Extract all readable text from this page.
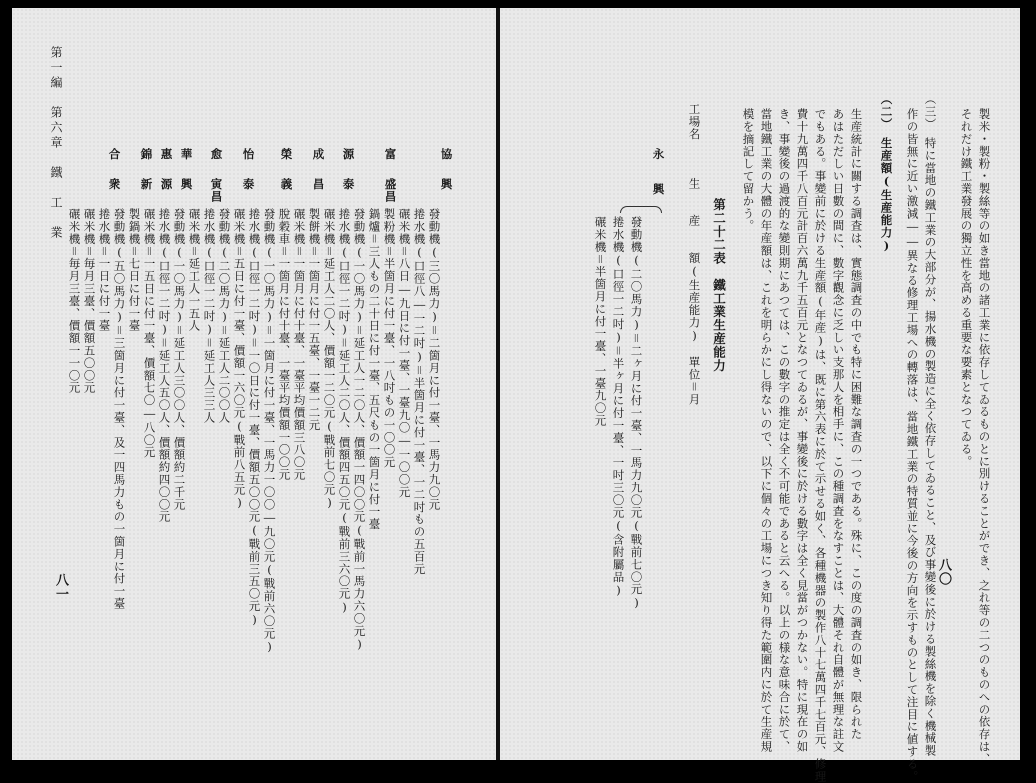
協
興
富
盛昌
源
泰
成
昌
榮
義
怡
泰
愈
寅昌
華
興
惠
源
錦
新
合
衆
發動機(三〇馬力)＝二箇月に付一臺、一馬力九〇元
捲水機(口徑八―一二吋)＝半箇月に付一臺、一二吋もの五百元
碾米機＝八日―九日に付一臺、一臺九〇―一〇〇元
製粉機＝半箇月に付一臺、一八吋もの一〇〇元
鍋爐＝三人もの二十日に付一臺、五尺もの一箇月に付一臺
發動機(一〇馬力)＝延工人一二〇人、價額一四〇〇元(戰前一馬力六〇元)
捲水機(口徑一二吋)＝延工人二〇人、價額四五〇元(戰前三六〇元)
碾米機＝延工人二〇人、價額一二〇元(戰前七〇元)
製餅機＝一箇月に付一五臺、一臺一二元
碾米機＝一箇月に付十臺、一臺平均價額三八〇元
脫穀車＝一箇月に付十臺、一臺平均價額一〇〇元
發動機(一〇馬力)＝一箇月に付一臺、一馬力一〇〇―九〇元(戰前六〇元)
捲水機(口徑一二吋)＝一〇日に付一臺、價額五〇〇元(戰前三五〇元)
碾米機＝五日に付一臺、價額一六〇元(戰前八五元)
發動機(二〇馬力)＝延工人二〇〇人
捲水機(口徑一二吋)＝延工人三三人
碾米機＝延工人一五人
發動機(一〇馬力)＝延工人三〇〇人、價額約二千元
捲水機(口徑一二吋)＝延工人五〇人、價額約四〇〇元
碾米機＝一五日に付一臺、價額七〇―八〇元
製鍋機＝七日に付一臺
發動機(五〇馬力)＝三箇月に付一臺、及一四馬力もの一箇月に付一臺
捲水機＝一日に付一臺
碾米機＝毎月三臺、價額五〇〇元
碾米機＝毎月三臺、價額一一〇元
第一編　第六章　鐵　工　業
八一
八〇 製米・製粉・製絲等の如き當地の諸工業に依存してゐるものとに別けることができ、之れ等の二つのものへの依存は、
それだけ鐵工業發展の獨立性を高める重要な要素となつてゐる。
（三）　特に當地の鐵工業の大部分が、揚水機の製造に全く依存してゐること、及び事變後に於ける製絲機を除く機械製
作の皆無に近い激減――異なる修理工場への轉落は、當地鐵工業の特質並に今後の方向を示すものとして注目に値する。
（二）　生産額(生産能力)
生産統計に關する調査は、實態調査の中でも特に困難な調査の一つである。殊に、この度の調査の如き、限られた
あはただしい日數の間に、數字觀念に乏しい支那人を相手に、この種調査をなすことは、大體それ自體が無理な註文
でもある。事變前に於ける生産額(年産)は、既に第六表に於て示せる如く、各種機器の製作八十七萬四千七百元、修理
費十九萬四千八百元計百六萬九千五百元となつてゐるが、事變後に於ける數字は全く見當がつかない。特に現在の如
き、事變後の過渡的な變則期にあつては、この數字の推定は全く不可能であると云へる。以上の様な意味合に於て、
當地鐵工業の大體の年産額は、これを明らかにし得ないので、以下に個々の工場につき知り得た範圍内に於て生産規
模を摘記して留かう。
第二十二表　鐵工業生産能力
工場名　　　生　　産　　額(生産能力)　單位＝月
永
興
發動機(二〇馬力)＝二ヶ月に付一臺、一馬力九〇元(戰前七〇元)
捲水機(口徑一二吋)＝半ヶ月に付一臺、一吋三〇元(含附屬品)
碾米機＝半箇月に付一臺、一臺九〇元
